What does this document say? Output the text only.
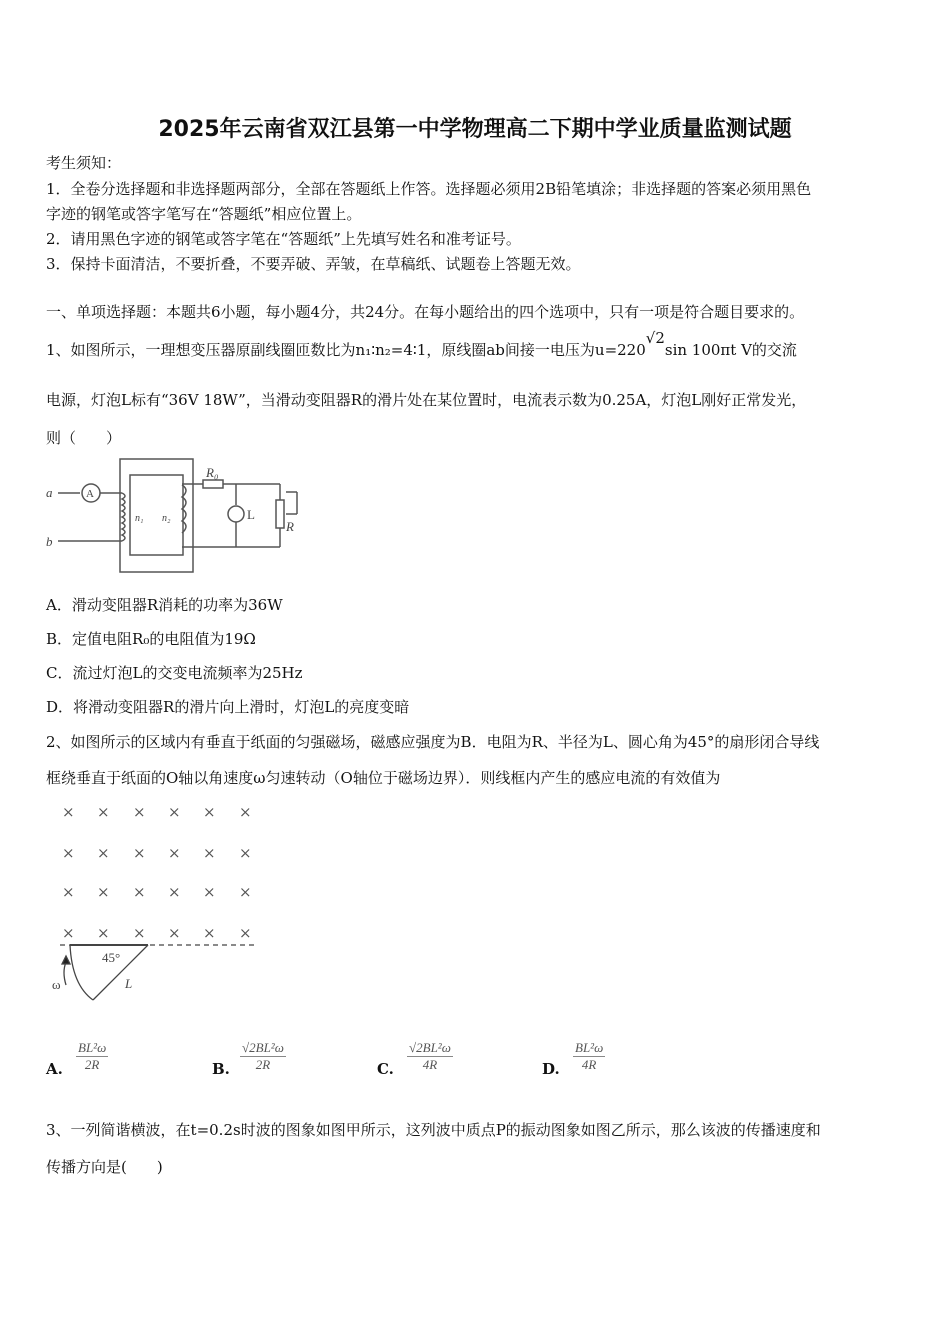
2025年云南省双江县第一中学物理高二下期中学业质量监测试题
考生须知：
1．全卷分选择题和非选择题两部分，全部在答题纸上作答。选择题必须用2B铅笔填涂；非选择题的答案必须用黑色
字迹的钢笔或答字笔写在“答题纸”相应位置上。
2．请用黑色字迹的钢笔或答字笔在“答题纸”上先填写姓名和准考证号。
3．保持卡面清洁，不要折叠，不要弄破、弄皱，在草稿纸、试题卷上答题无效。
一、单项选择题：本题共6小题，每小题4分，共24分。在每小题给出的四个选项中，只有一项是符合题目要求的。
1、如图所示，一理想变压器原副线圈匝数比为n₁∶n₂=4∶1，原线圈ab间接一电压为u=220√2sin 100πt V的交流
电源，灯泡L标有“36V 18W”，当滑动变阻器R的滑片处在某位置时，电流表示数为0.25A，灯泡L刚好正常发光，
则（　　）
a
b
A
n₁ n₂
R₀
L
R
×
×
×
×
×
×
×
×
×
×
×
×
×
×
×
×
×
×
×
×
×
×
×
×
45°
ω	L
A．滑动变阻器R消耗的功率为36W
B．定值电阻R₀的电阻值为19Ω
C．流过灯泡L的交变电流频率为25Hz
D．将滑动变阻器R的滑片向上滑时，灯泡L的亮度变暗
2、如图所示的区域内有垂直于纸面的匀强磁场，磁感应强度为B．电阻为R、半径为L、圆心角为45°的扇形闭合导线
框绕垂直于纸面的O轴以角速度ω匀速转动（O轴位于磁场边界）．则线框内产生的感应电流的有效值为
A. $\frac{\text{BL²ω}}{2R}$	B. $\frac{\text{√2BL²ω}}{2R}$	C. $\frac{\text{√2BL²ω}}{4R}$	D. $\frac{\text{BL²ω}}{4R}$
3、一列简谐横波，在t=0.2s时波的图象如图甲所示，这列波中质点P的振动图象如图乙所示，那么该波的传播速度和
传播方向是(　　)
